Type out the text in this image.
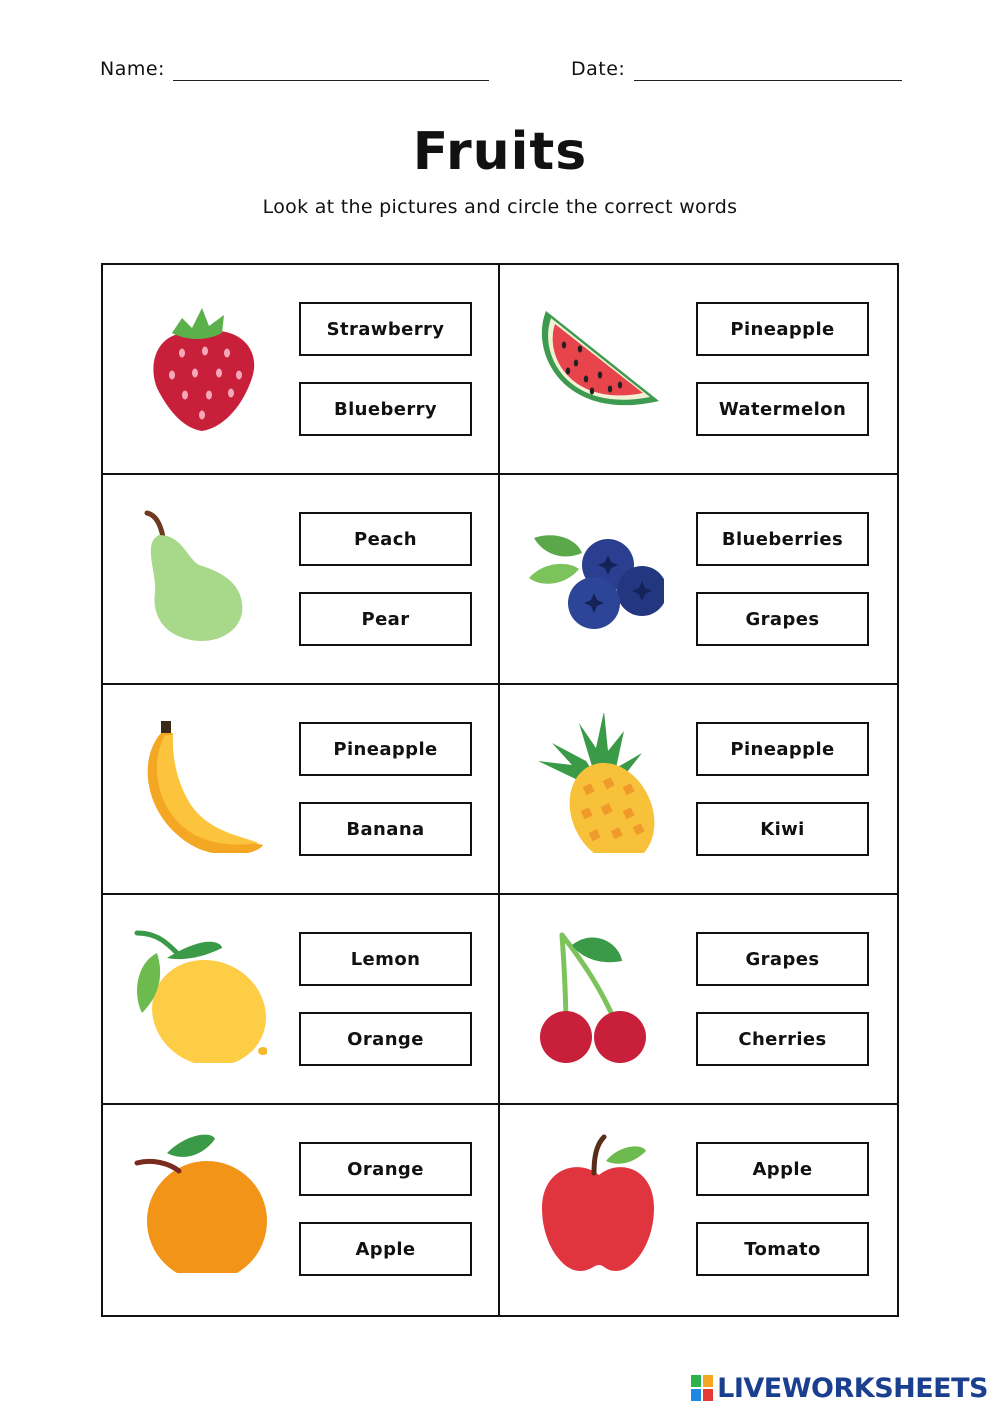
Name:	Date:
Fruits
Look at the pictures and circle the correct words
Strawberry
Blueberry
Pineapple
Watermelon
Peach
Pear
Blueberries
Grapes
Pineapple
Banana
Pineapple
Kiwi
Lemon
Orange
Grapes
Cherries
Orange
Apple
Apple
Tomato
LIVEWORKSHEETS
